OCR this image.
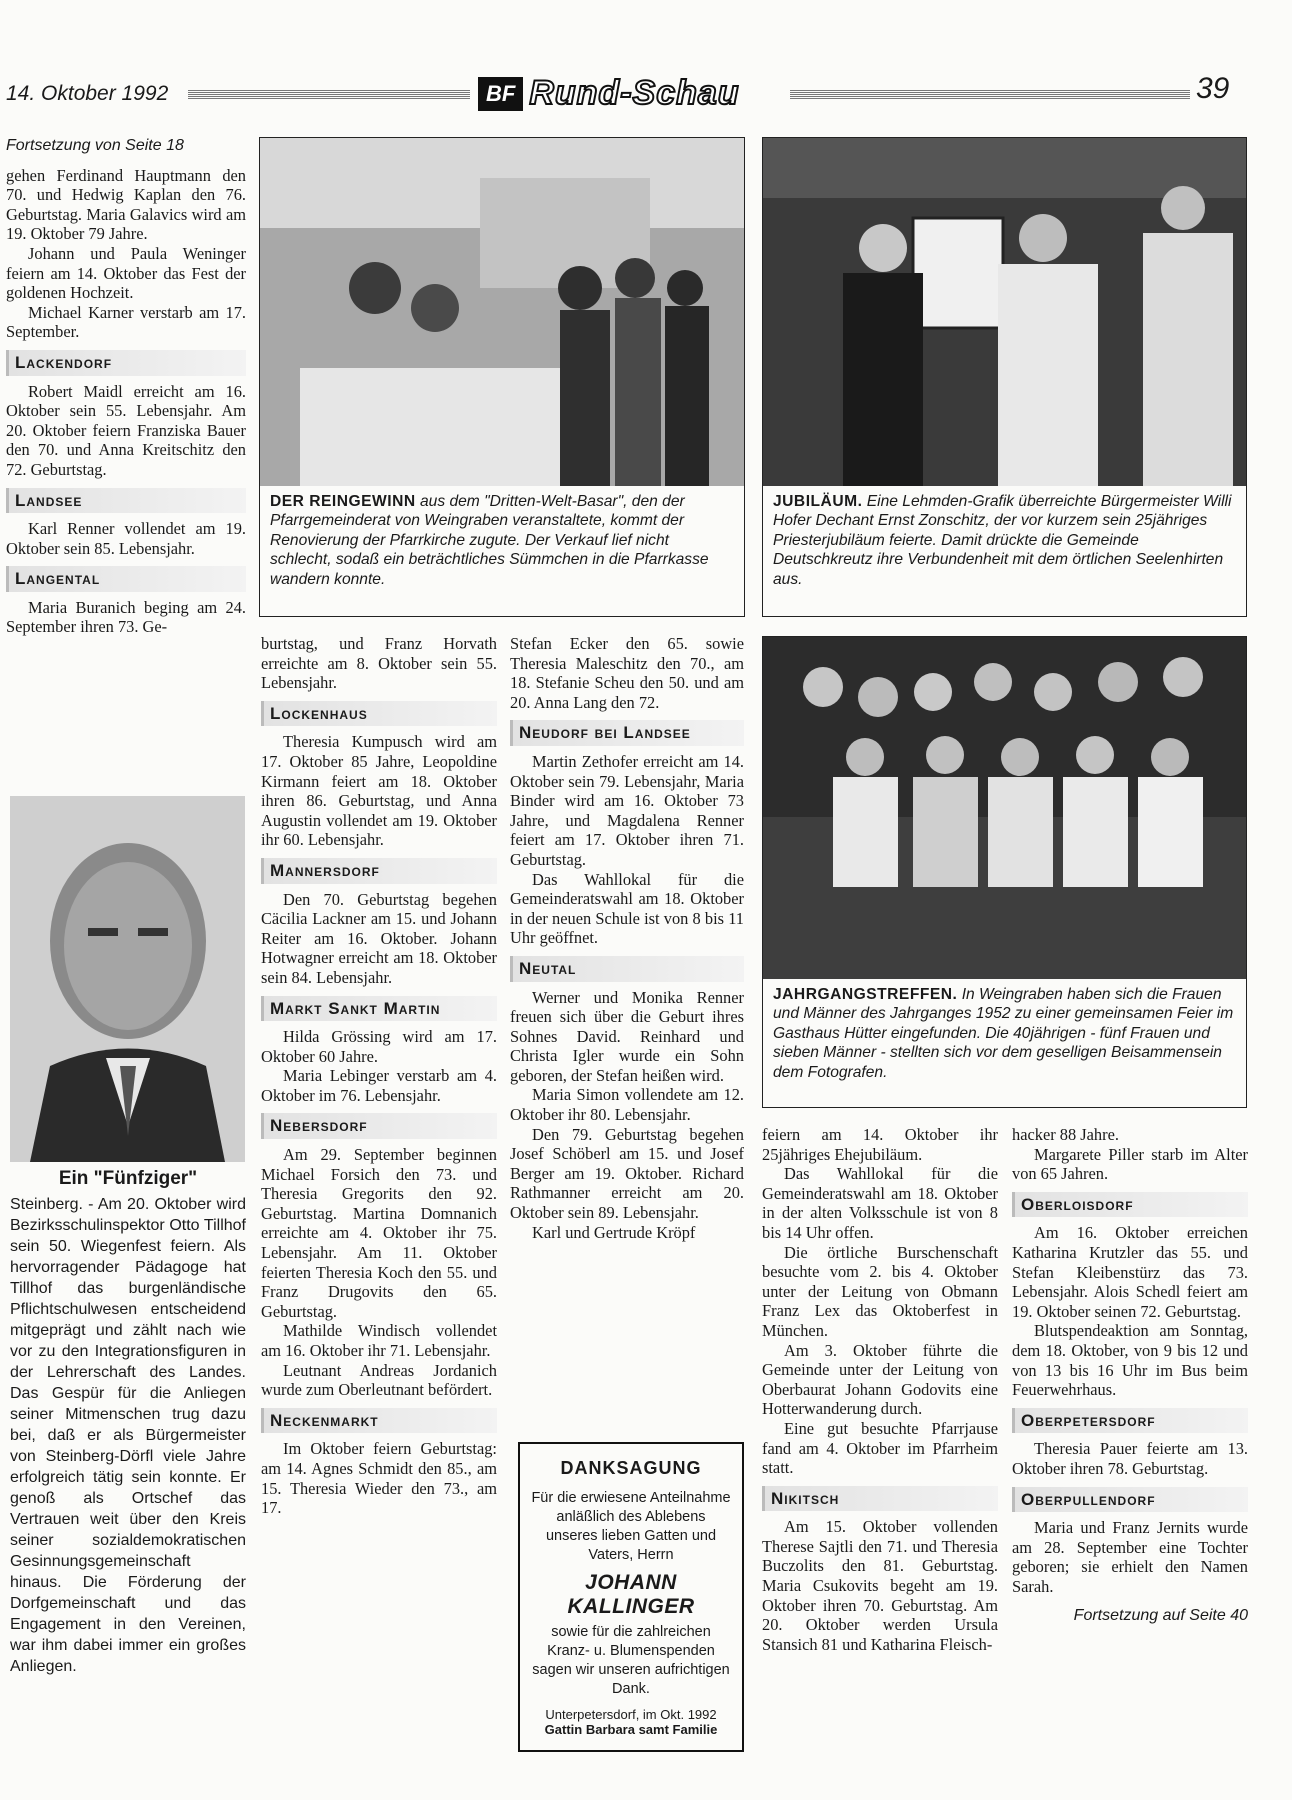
14. Oktober 1992	BF Rund-Schau	39

Fortsetzung von Seite 18

gehen Ferdinand Hauptmann den 70. und Hedwig Kaplan den 76. Geburtstag. Maria Galavics wird am 19. Oktober 79 Jahre.

Johann und Paula Weninger feiern am 14. Oktober das Fest der goldenen Hochzeit.

Michael Karner verstarb am 17. September.

Lackendorf

Robert Maidl erreicht am 16. Oktober sein 55. Lebensjahr. Am 20. Oktober feiern Franziska Bauer den 70. und Anna Kreitschitz den 72. Geburtstag.

Landsee

Karl Renner vollendet am 19. Oktober sein 85. Lebensjahr.

Langental

Maria Buranich beging am 24. September ihren 73. Ge-

Ein "Fünfziger"
Steinberg. - Am 20. Oktober wird Bezirksschulinspektor Otto Tillhof sein 50. Wiegenfest feiern. Als hervorragender Pädagoge hat Tillhof das burgenländische Pflichtschulwesen entscheidend mitgeprägt und zählt nach wie vor zu den Integrationsfiguren in der Lehrerschaft des Landes. Das Gespür für die Anliegen seiner Mitmenschen trug dazu bei, daß er als Bürgermeister von Steinberg-Dörfl viele Jahre erfolgreich tätig sein konnte. Er genoß als Ortschef das Vertrauen weit über den Kreis seiner sozialdemokratischen Gesinnungsgemeinschaft hinaus. Die Förderung der Dorfgemeinschaft und das Engagement in den Vereinen, war ihm dabei immer ein großes Anliegen.
DER REINGEWINN aus dem "Dritten-Welt-Basar", den der Pfarrgemeinderat von Weingraben veranstaltete, kommt der Renovierung der Pfarrkirche zugute. Der Verkauf lief nicht schlecht, sodaß ein beträchtliches Sümmchen in die Pfarrkasse wandern konnte.
JUBILÄUM. Eine Lehmden-Grafik überreichte Bürgermeister Willi Hofer Dechant Ernst Zonschitz, der vor kurzem sein 25jähriges Priesterjubiläum feierte. Damit drückte die Gemeinde Deutschkreutz ihre Verbundenheit mit dem örtlichen Seelenhirten aus.

burtstag, und Franz Horvath erreichte am 8. Oktober sein 55. Lebensjahr.

Lockenhaus

Theresia Kumpusch wird am 17. Oktober 85 Jahre, Leopoldine Kirmann feiert am 18. Oktober ihren 86. Geburtstag, und Anna Augustin vollendet am 19. Oktober ihr 60. Lebensjahr.

Mannersdorf

Den 70. Geburtstag begehen Cäcilia Lackner am 15. und Johann Reiter am 16. Oktober. Johann Hotwagner erreicht am 18. Oktober sein 84. Lebensjahr.

Markt Sankt Martin

Hilda Grössing wird am 17. Oktober 60 Jahre.

Maria Lebinger verstarb am 4. Oktober im 76. Lebensjahr.

Nebersdorf

Am 29. September beginnen Michael Forsich den 73. und Theresia Gregorits den 92. Geburtstag. Martina Domnanich erreichte am 4. Oktober ihr 75. Lebensjahr. Am 11. Oktober feierten Theresia Koch den 55. und Franz Drugovits den 65. Geburtstag.

Mathilde Windisch vollendet am 16. Oktober ihr 71. Lebensjahr.

Leutnant Andreas Jordanich wurde zum Oberleutnant befördert.

Neckenmarkt

Im Oktober feiern Geburtstag: am 14. Agnes Schmidt den 85., am 15. Theresia Wieder den 73., am 17.

Stefan Ecker den 65. sowie Theresia Maleschitz den 70., am 18. Stefanie Scheu den 50. und am 20. Anna Lang den 72.

Neudorf bei Landsee

Martin Zethofer erreicht am 14. Oktober sein 79. Lebensjahr, Maria Binder wird am 16. Oktober 73 Jahre, und Magdalena Renner feiert am 17. Oktober ihren 71. Geburtstag.

Das Wahllokal für die Gemeinderatswahl am 18. Oktober in der neuen Schule ist von 8 bis 11 Uhr geöffnet.

Neutal

Werner und Monika Renner freuen sich über die Geburt ihres Sohnes David. Reinhard und Christa Igler wurde ein Sohn geboren, der Stefan heißen wird.

Maria Simon vollendete am 12. Oktober ihr 80. Lebensjahr.

Den 79. Geburtstag begehen Josef Schöberl am 15. und Josef Berger am 19. Oktober. Richard Rathmanner erreicht am 20. Oktober sein 89. Lebensjahr.

Karl und Gertrude Kröpf

DANKSAGUNG
Für die erwiesene Anteilnahme anläßlich des Ablebens unseres lieben Gatten und Vaters, Herrn
JOHANN KALLINGER
sowie für die zahlreichen Kranz- u. Blumenspenden sagen wir unseren aufrichtigen Dank.
Unterpetersdorf, im Okt. 1992
Gattin Barbara samt Familie
JAHRGANGSTREFFEN. In Weingraben haben sich die Frauen und Männer des Jahrganges 1952 zu einer gemeinsamen Feier im Gasthaus Hütter eingefunden. Die 40jährigen - fünf Frauen und sieben Männer - stellten sich vor dem geselligen Beisammensein dem Fotografen.

feiern am 14. Oktober ihr 25jähriges Ehejubiläum.

Das Wahllokal für die Gemeinderatswahl am 18. Oktober in der alten Volksschule ist von 8 bis 14 Uhr offen.

Die örtliche Burschenschaft besuchte vom 2. bis 4. Oktober unter der Leitung von Obmann Franz Lex das Oktoberfest in München.

Am 3. Oktober führte die Gemeinde unter der Leitung von Oberbaurat Johann Godovits eine Hotterwanderung durch.

Eine gut besuchte Pfarrjause fand am 4. Oktober im Pfarrheim statt.

Nikitsch

Am 15. Oktober vollenden Therese Sajtli den 71. und Theresia Buczolits den 81. Geburtstag. Maria Csukovits begeht am 19. Oktober ihren 70. Geburtstag. Am 20. Oktober werden Ursula Stansich 81 und Katharina Fleisch-

hacker 88 Jahre.

Margarete Piller starb im Alter von 65 Jahren.

Oberloisdorf

Am 16. Oktober erreichen Katharina Krutzler das 55. und Stefan Kleibenstürz das 73. Lebensjahr. Alois Schedl feiert am 19. Oktober seinen 72. Geburtstag.

Blutspendeaktion am Sonntag, dem 18. Oktober, von 9 bis 12 und von 13 bis 16 Uhr im Bus beim Feuerwehrhaus.

Oberpetersdorf

Theresia Pauer feierte am 13. Oktober ihren 78. Geburtstag.

Oberpullendorf

Maria und Franz Jernits wurde am 28. September eine Tochter geboren; sie erhielt den Namen Sarah.

Fortsetzung auf Seite 40
